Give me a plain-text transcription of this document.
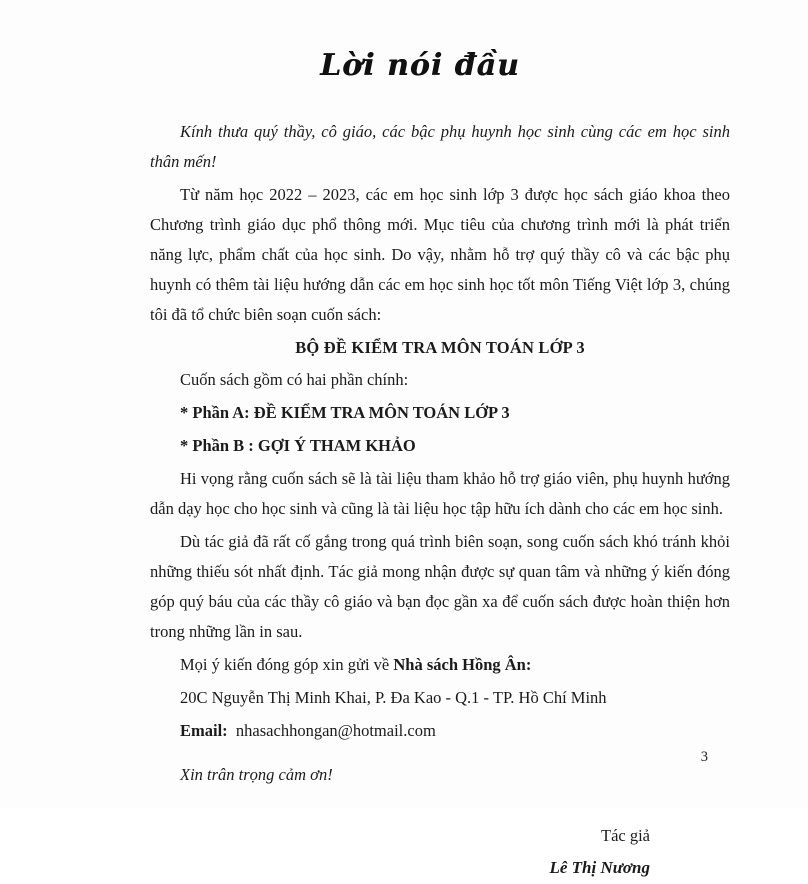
Lời nói đầu

Kính thưa quý thầy, cô giáo, các bậc phụ huynh học sinh cùng các em học sinh thân mến!

Từ năm học 2022 – 2023, các em học sinh lớp 3 được học sách giáo khoa theo Chương trình giáo dục phổ thông mới. Mục tiêu của chương trình mới là phát triển năng lực, phẩm chất của học sinh. Do vậy, nhằm hỗ trợ quý thầy cô và các bậc phụ huynh có thêm tài liệu hướng dẫn các em học sinh học tốt môn Tiếng Việt lớp 3, chúng tôi đã tổ chức biên soạn cuốn sách:

BỘ ĐỀ KIỂM TRA MÔN TOÁN LỚP 3

Cuốn sách gồm có hai phần chính:

* Phần A: ĐỀ KIỂM TRA MÔN TOÁN LỚP 3

* Phần B : GỢI Ý THAM KHẢO

Hi vọng rằng cuốn sách sẽ là tài liệu tham khảo hỗ trợ giáo viên, phụ huynh hướng dẫn dạy học cho học sinh và cũng là tài liệu học tập hữu ích dành cho các em học sinh.

Dù tác giả đã rất cố gắng trong quá trình biên soạn, song cuốn sách khó tránh khỏi những thiếu sót nhất định. Tác giả mong nhận được sự quan tâm và những ý kiến đóng góp quý báu của các thầy cô giáo và bạn đọc gần xa để cuốn sách được hoàn thiện hơn trong những lần in sau.

Mọi ý kiến đóng góp xin gửi về Nhà sách Hồng Ân:

20C Nguyễn Thị Minh Khai, P. Đa Kao - Q.1 - TP. Hồ Chí Minh

Email: nhasachhongan@hotmail.com

Xin trân trọng cảm ơn!

Tác giả
Lê Thị Nương
3
